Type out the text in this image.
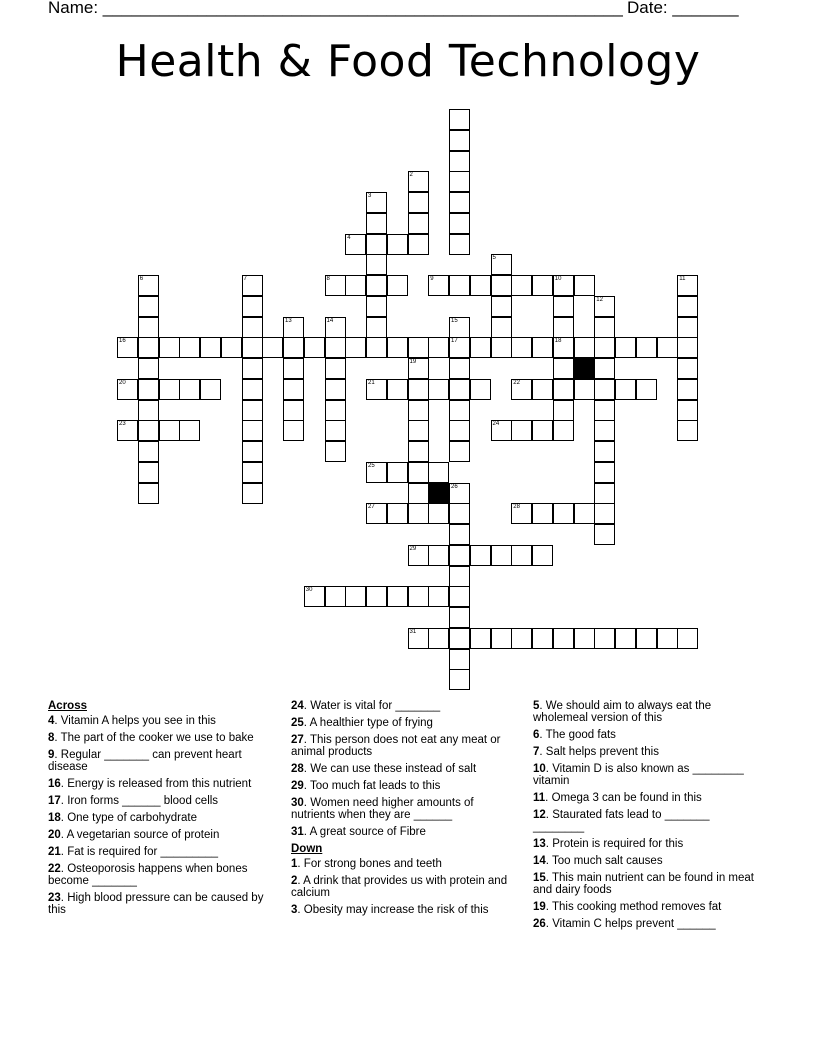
Name: _______________________________________________________ Date: _______
Health & Food Technology
2
3
4
5
6	7	8	9	10
18
11
12
13	14	15
17
16
19
20	21	22
23	24
25
26
27	28
29
30
31
Across
4. Vitamin A helps you see in this
8. The part of the cooker we use to bake
9. Regular _______ can prevent heart disease
16. Energy is released from this nutrient
17. Iron forms ______ blood cells
18. One type of carbohydrate
20. A vegetarian source of protein
21. Fat is required for _________
22. Osteoporosis happens when bones become _______
23. High blood pressure can be caused by this
24. Water is vital for _______
25. A healthier type of frying
27. This person does not eat any meat or animal products
28. We can use these instead of salt
29. Too much fat leads to this
30. Women need higher amounts of nutrients when they are ______
31. A great source of Fibre
Down
1. For strong bones and teeth
2. A drink that provides us with protein and calcium
3. Obesity may increase the risk of this
5. We should aim to always eat the wholemeal version of this
6. The good fats
7. Salt helps prevent this
10. Vitamin D is also known as ________ vitamin
11. Omega 3 can be found in this
12. Staurated fats lead to _______ ________
13. Protein is required for this
14. Too much salt causes
15. This main nutrient can be found in meat and dairy foods
19. This cooking method removes fat
26. Vitamin C helps prevent ______
